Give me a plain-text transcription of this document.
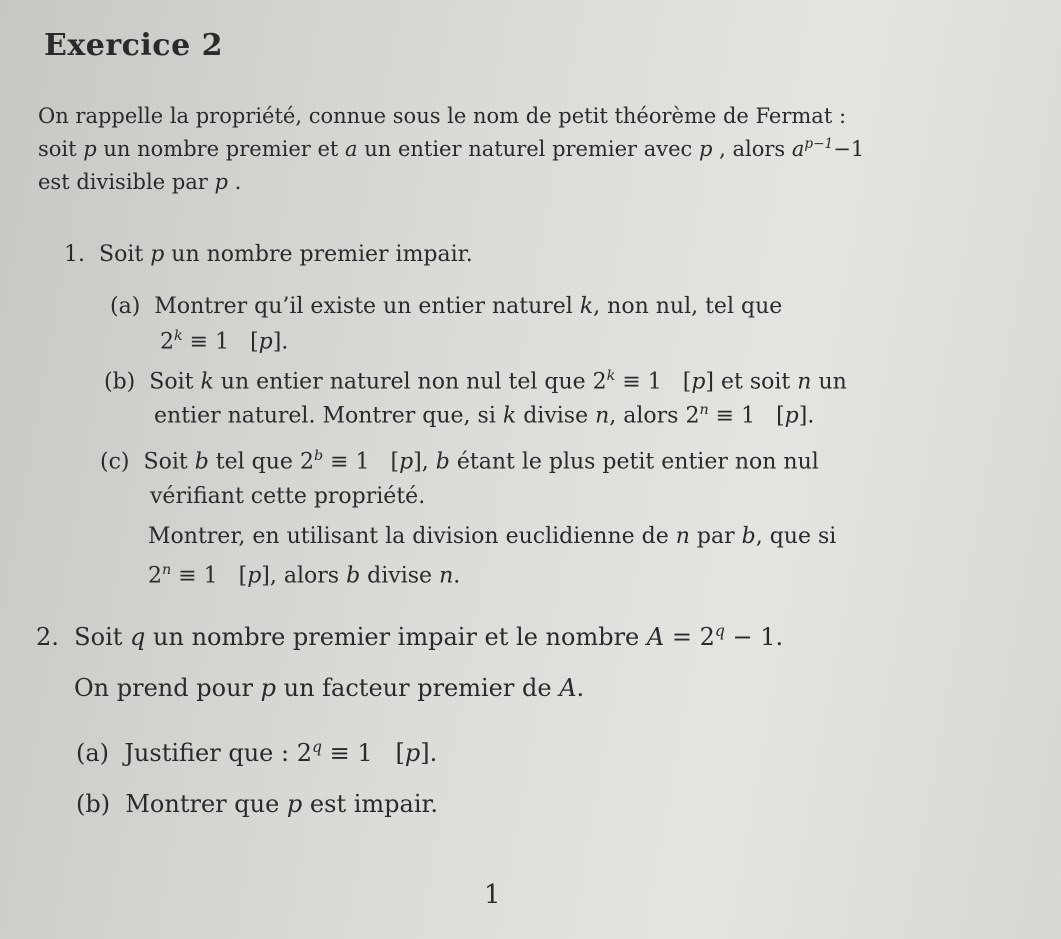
Exercice 2
On rappelle la propriété, connue sous le nom de petit théorème de Fermat :
soit p un nombre premier et a un entier naturel premier avec p , alors $a^{p-1}-1$
est divisible par p .
1. Soit p un nombre premier impair.
(a) Montrer qu’il existe un entier naturel k, non nul, tel que
$2^k \equiv 1$   [p].
(b) Soit k un entier naturel non nul tel que $2^k \equiv 1$   [p] et soit n un
entier naturel. Montrer que, si k divise n, alors $2^n \equiv 1$   [p].
(c) Soit b tel que $2^b \equiv 1$   [p], b étant le plus petit entier non nul
vérifiant cette propriété.
Montrer, en utilisant la division euclidienne de n par b, que si
$2^n \equiv 1$   [p], alors b divise n.
2. Soit q un nombre premier impair et le nombre $A = 2^q - 1$.
On prend pour p un facteur premier de A.
(a) Justifier que : $2^q \equiv 1$   [p].
(b) Montrer que p est impair.
1
